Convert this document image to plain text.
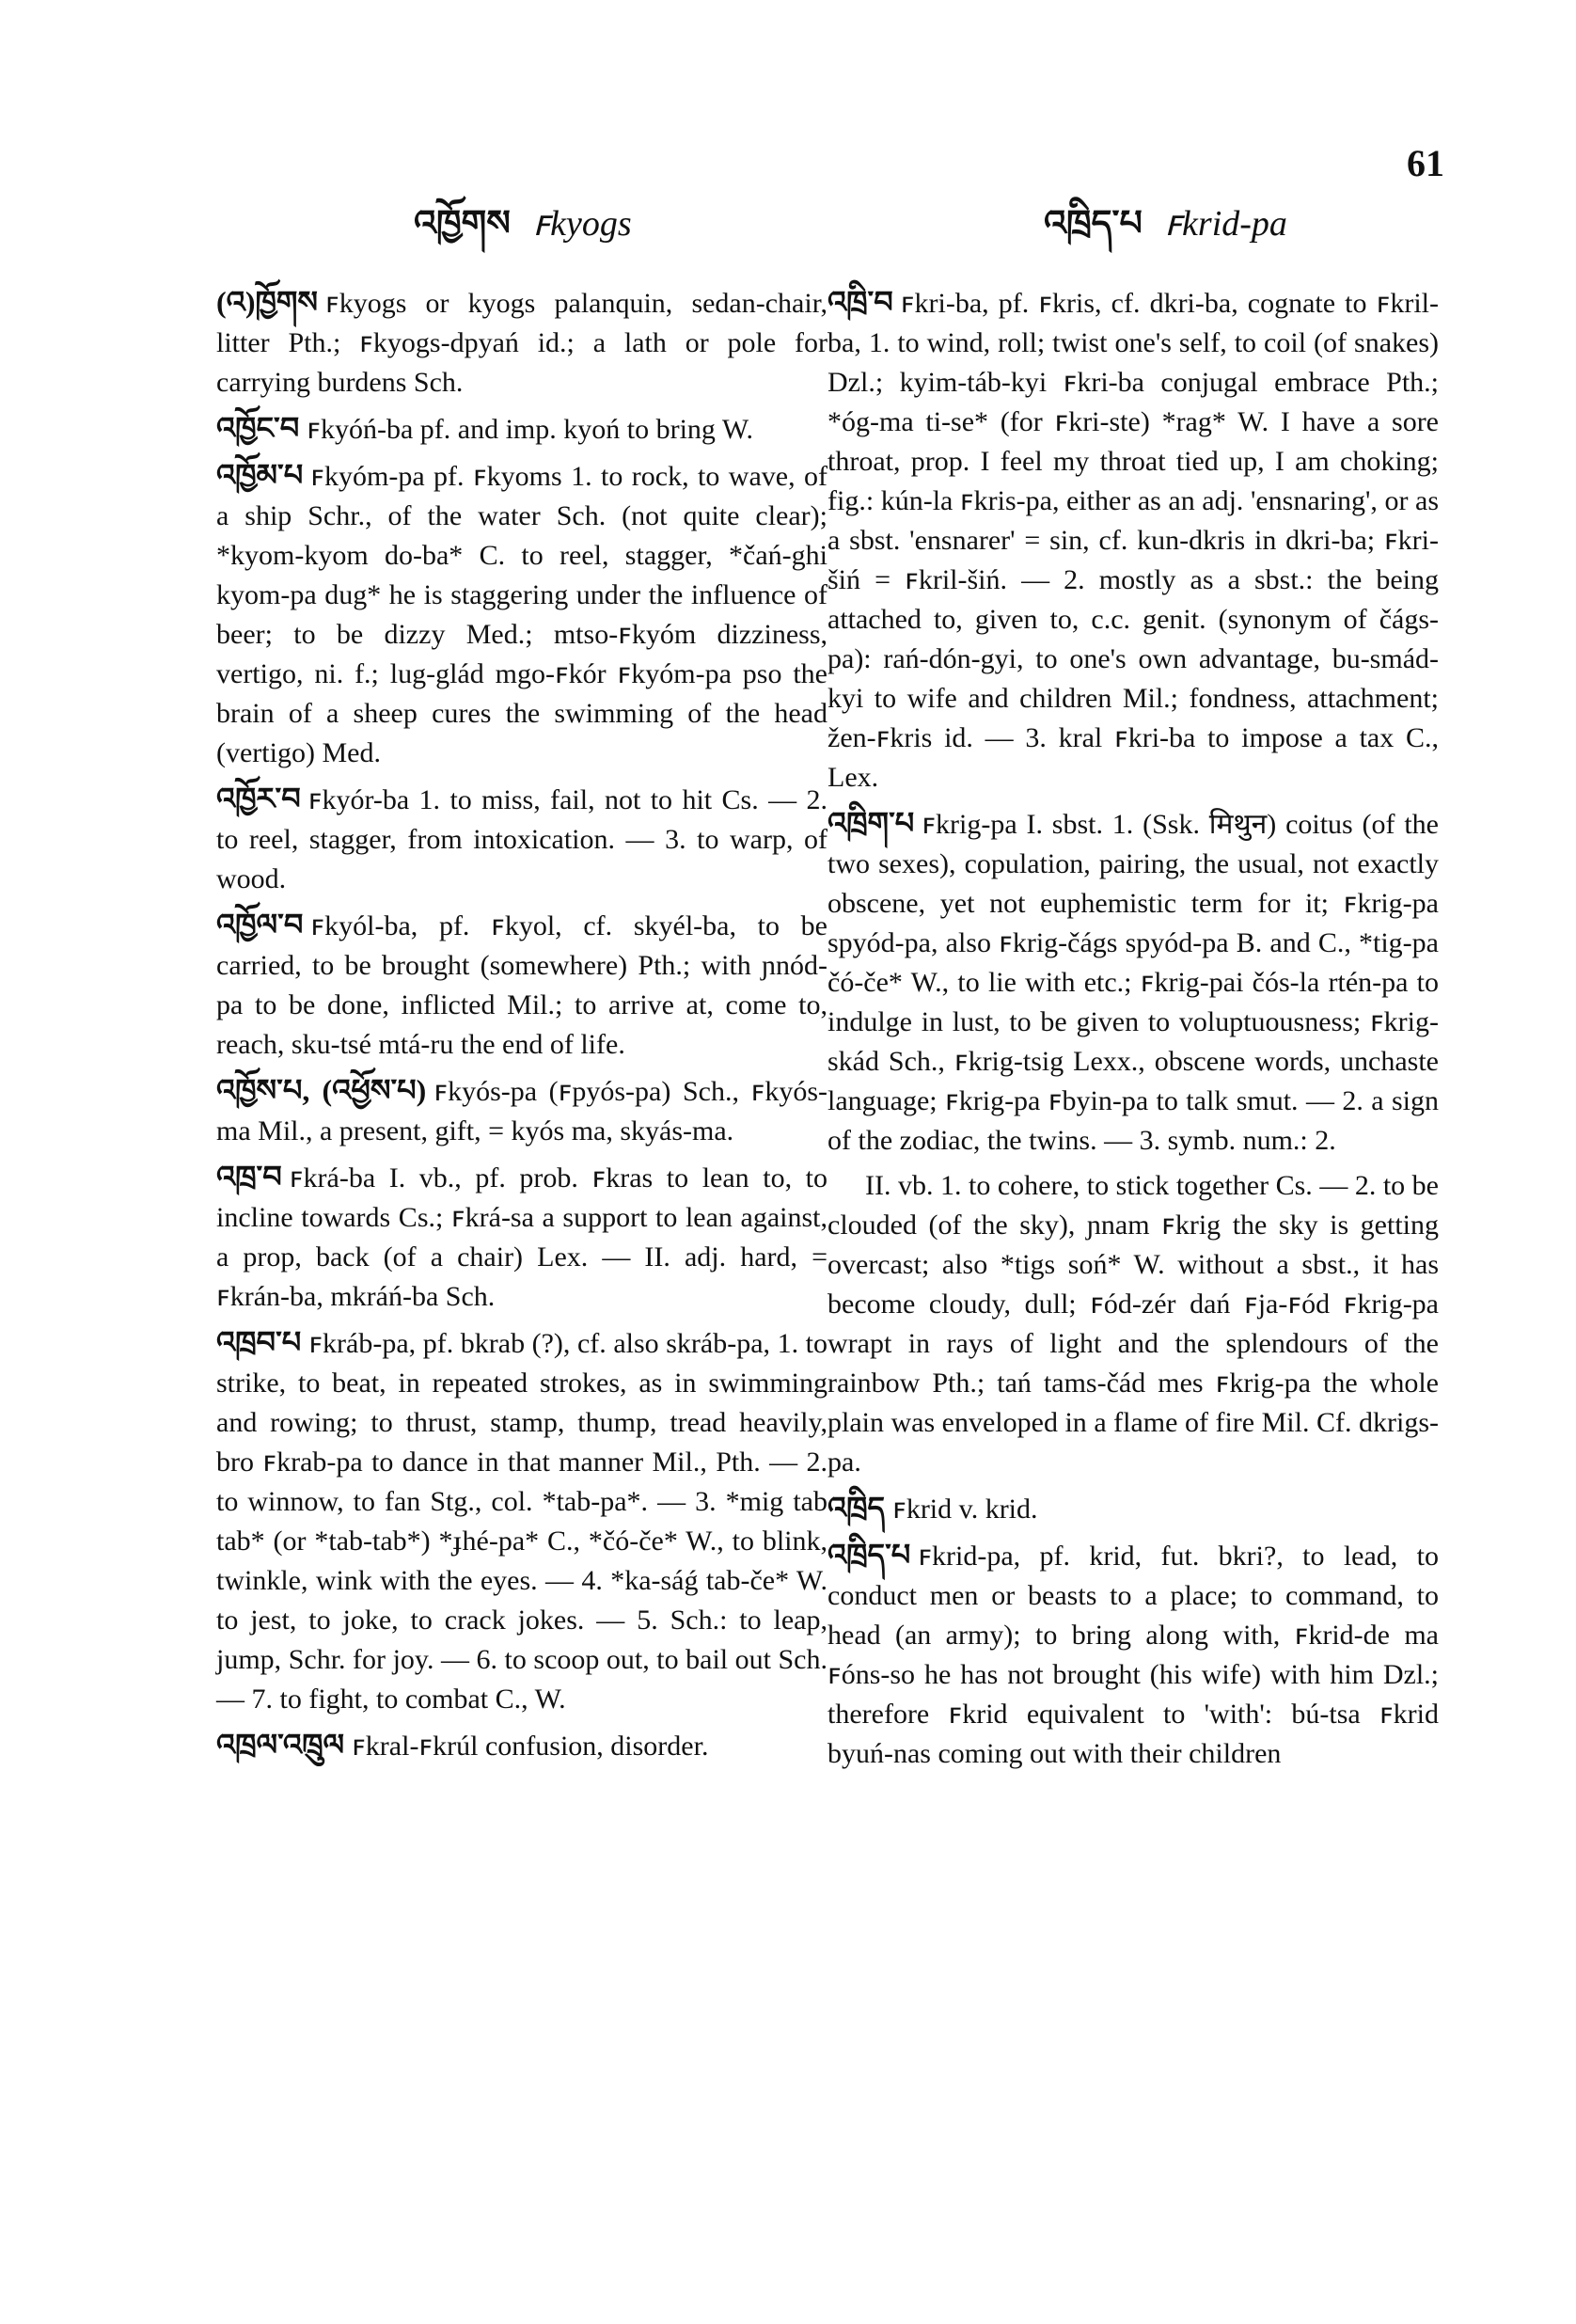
61
འཁྱོགས ꜰkyogs	འཁྲིད་པ ꜰkrid-pa
(འ)ཁྱོགས ꜰkyogs or kyogs palanquin, sedan-chair, litter Pth.; ꜰkyogs-dpyań id.; a lath or pole for carrying burdens Sch.
འཁྱོང་བ ꜰkyóń-ba pf. and imp. kyoń to bring W.
འཁྱོམ་པ ꜰkyóm-pa pf. ꜰkyoms 1. to rock, to wave, of a ship Schr., of the water Sch. (not quite clear); *kyom-kyom do-ba* C. to reel, stagger, *čań-ghi kyom-pa dug* he is staggering under the influence of beer; to be dizzy Med.; mtso-ꜰkyóm dizziness, vertigo, ni. f.; lug-glád mgo-ꜰkór ꜰkyóm-pa pso the brain of a sheep cures the swimming of the head (vertigo) Med.
འཁྱོར་བ ꜰkyór-ba 1. to miss, fail, not to hit Cs. — 2. to reel, stagger, from intoxication. — 3. to warp, of wood.
འཁྱོལ་བ ꜰkyól-ba, pf. ꜰkyol, cf. skyél-ba, to be carried, to be brought (somewhere) Pth.; with ɲnód-pa to be done, inflicted Mil.; to arrive at, come to, reach, sku-tsé mtá-ru the end of life.
འཁྱོས་པ, (འཕྱོས་པ) ꜰkyós-pa (ꜰpyós-pa) Sch., ꜰkyós-ma Mil., a present, gift, = kyós ma, skyás-ma.
འཁྲ་བ ꜰkrá-ba I. vb., pf. prob. ꜰkras to lean to, to incline towards Cs.; ꜰkrá-sa a support to lean against, a prop, back (of a chair) Lex. — II. adj. hard, = ꜰkrán-ba, mkráń-ba Sch.
འཁྲབ་པ ꜰkráb-pa, pf. bkrab (?), cf. also skráb-pa, 1. to strike, to beat, in repeated strokes, as in swimming and rowing; to thrust, stamp, thump, tread heavily, bro ꜰkrab-pa to dance in that manner Mil., Pth. — 2. to winnow, to fan Stg., col. *tab-pa*. — 3. *mig tab tab* (or *tab-tab*) *ɟhé-pa* C., *čó-če* W., to blink, twinkle, wink with the eyes. — 4. *ka-sáǵ tab-če* W. to jest, to joke, to crack jokes. — 5. Sch.: to leap, jump, Schr. for joy. — 6. to scoop out, to bail out Sch. — 7. to fight, to combat C., W.
འཁྲལ་འཁྲུལ ꜰkral-ꜰkrúl confusion, disorder.
འཁྲི་བ ꜰkri-ba, pf. ꜰkris, cf. dkri-ba, cognate to ꜰkril-ba, 1. to wind, roll; twist one's self, to coil (of snakes) Dzl.; kyim-táb-kyi ꜰkri-ba conjugal embrace Pth.; *óg-ma ti-se* (for ꜰkri-ste) *rag* W. I have a sore throat, prop. I feel my throat tied up, I am choking; fig.: kún-la ꜰkris-pa, either as an adj. 'ensnaring', or as a sbst. 'ensnarer' = sin, cf. kun-dkris in dkri-ba; ꜰkri-šiń = ꜰkril-šiń. — 2. mostly as a sbst.: the being attached to, given to, c.c. genit. (synonym of čágs-pa): rań-dón-gyi, to one's own advantage, bu-smád-kyi to wife and children Mil.; fondness, attachment; žen-ꜰkris id. — 3. kral ꜰkri-ba to impose a tax C., Lex.
འཁྲིག་པ ꜰkrig-pa I. sbst. 1. (Ssk. मिथुन) coitus (of the two sexes), copulation, pairing, the usual, not exactly obscene, yet not euphemistic term for it; ꜰkrig-pa spyód-pa, also ꜰkrig-čágs spyód-pa B. and C., *tig-pa čó-če* W., to lie with etc.; ꜰkrig-pai čós-la rtén-pa to indulge in lust, to be given to voluptuousness; ꜰkrig-skád Sch., ꜰkrig-tsig Lexx., obscene words, unchaste language; ꜰkrig-pa ꜰbyin-pa to talk smut. — 2. a sign of the zodiac, the twins. — 3. symb. num.: 2.
II. vb. 1. to cohere, to stick together Cs. — 2. to be clouded (of the sky), ɲnam ꜰkrig the sky is getting overcast; also *tigs soń* W. without a sbst., it has become cloudy, dull; ꜰód-zér dań ꜰja-ꜰód ꜰkrig-pa wrapt in rays of light and the splendours of the rainbow Pth.; tań tams-čád mes ꜰkrig-pa the whole plain was enveloped in a flame of fire Mil. Cf. dkrigs-pa.
འཁྲིད ꜰkrid v. krid.
འཁྲིད་པ ꜰkrid-pa, pf. krid, fut. bkri?, to lead, to conduct men or beasts to a place; to command, to head (an army); to bring along with, ꜰkrid-de ma ꜰóns-so he has not brought (his wife) with him Dzl.; therefore ꜰkrid equivalent to 'with': bú-tsa ꜰkrid byuń-nas coming out with their children
